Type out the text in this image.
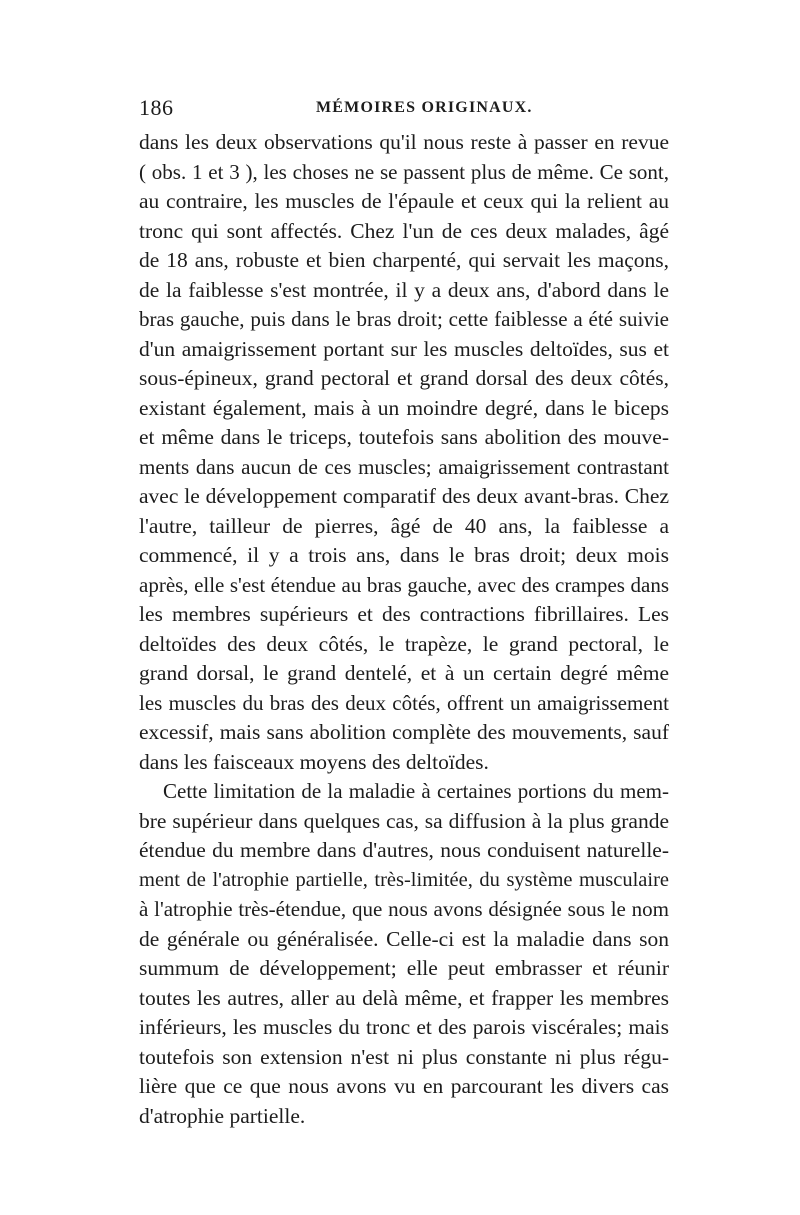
186	MÉMOIRES ORIGINAUX.
dans les deux observations qu'il nous reste à passer en revue
( obs. 1 et 3 ), les choses ne se passent plus de même. Ce sont,
au contraire, les muscles de l'épaule et ceux qui la relient au
tronc qui sont affectés. Chez l'un de ces deux malades, âgé
de 18 ans, robuste et bien charpenté, qui servait les maçons,
de la faiblesse s'est montrée, il y a deux ans, d'abord dans le
bras gauche, puis dans le bras droit; cette faiblesse a été suivie
d'un amaigrissement portant sur les muscles deltoïdes, sus et
sous-épineux, grand pectoral et grand dorsal des deux côtés,
existant également, mais à un moindre degré, dans le biceps
et même dans le triceps, toutefois sans abolition des mouve-
ments dans aucun de ces muscles; amaigrissement contrastant
avec le développement comparatif des deux avant-bras. Chez
l'autre, tailleur de pierres, âgé de 40 ans, la faiblesse a
commencé, il y a trois ans, dans le bras droit; deux mois
après, elle s'est étendue au bras gauche, avec des crampes dans
les membres supérieurs et des contractions fibrillaires. Les
deltoïdes des deux côtés, le trapèze, le grand pectoral, le
grand dorsal, le grand dentelé, et à un certain degré même
les muscles du bras des deux côtés, offrent un amaigrissement
excessif, mais sans abolition complète des mouvements, sauf
dans les faisceaux moyens des deltoïdes.
Cette limitation de la maladie à certaines portions du mem-
bre supérieur dans quelques cas, sa diffusion à la plus grande
étendue du membre dans d'autres, nous conduisent naturelle-
ment de l'atrophie partielle, très-limitée, du système musculaire
à l'atrophie très-étendue, que nous avons désignée sous le nom
de générale ou généralisée. Celle-ci est la maladie dans son
summum de développement; elle peut embrasser et réunir
toutes les autres, aller au delà même, et frapper les membres
inférieurs, les muscles du tronc et des parois viscérales; mais
toutefois son extension n'est ni plus constante ni plus régu-
lière que ce que nous avons vu en parcourant les divers cas
d'atrophie partielle.
